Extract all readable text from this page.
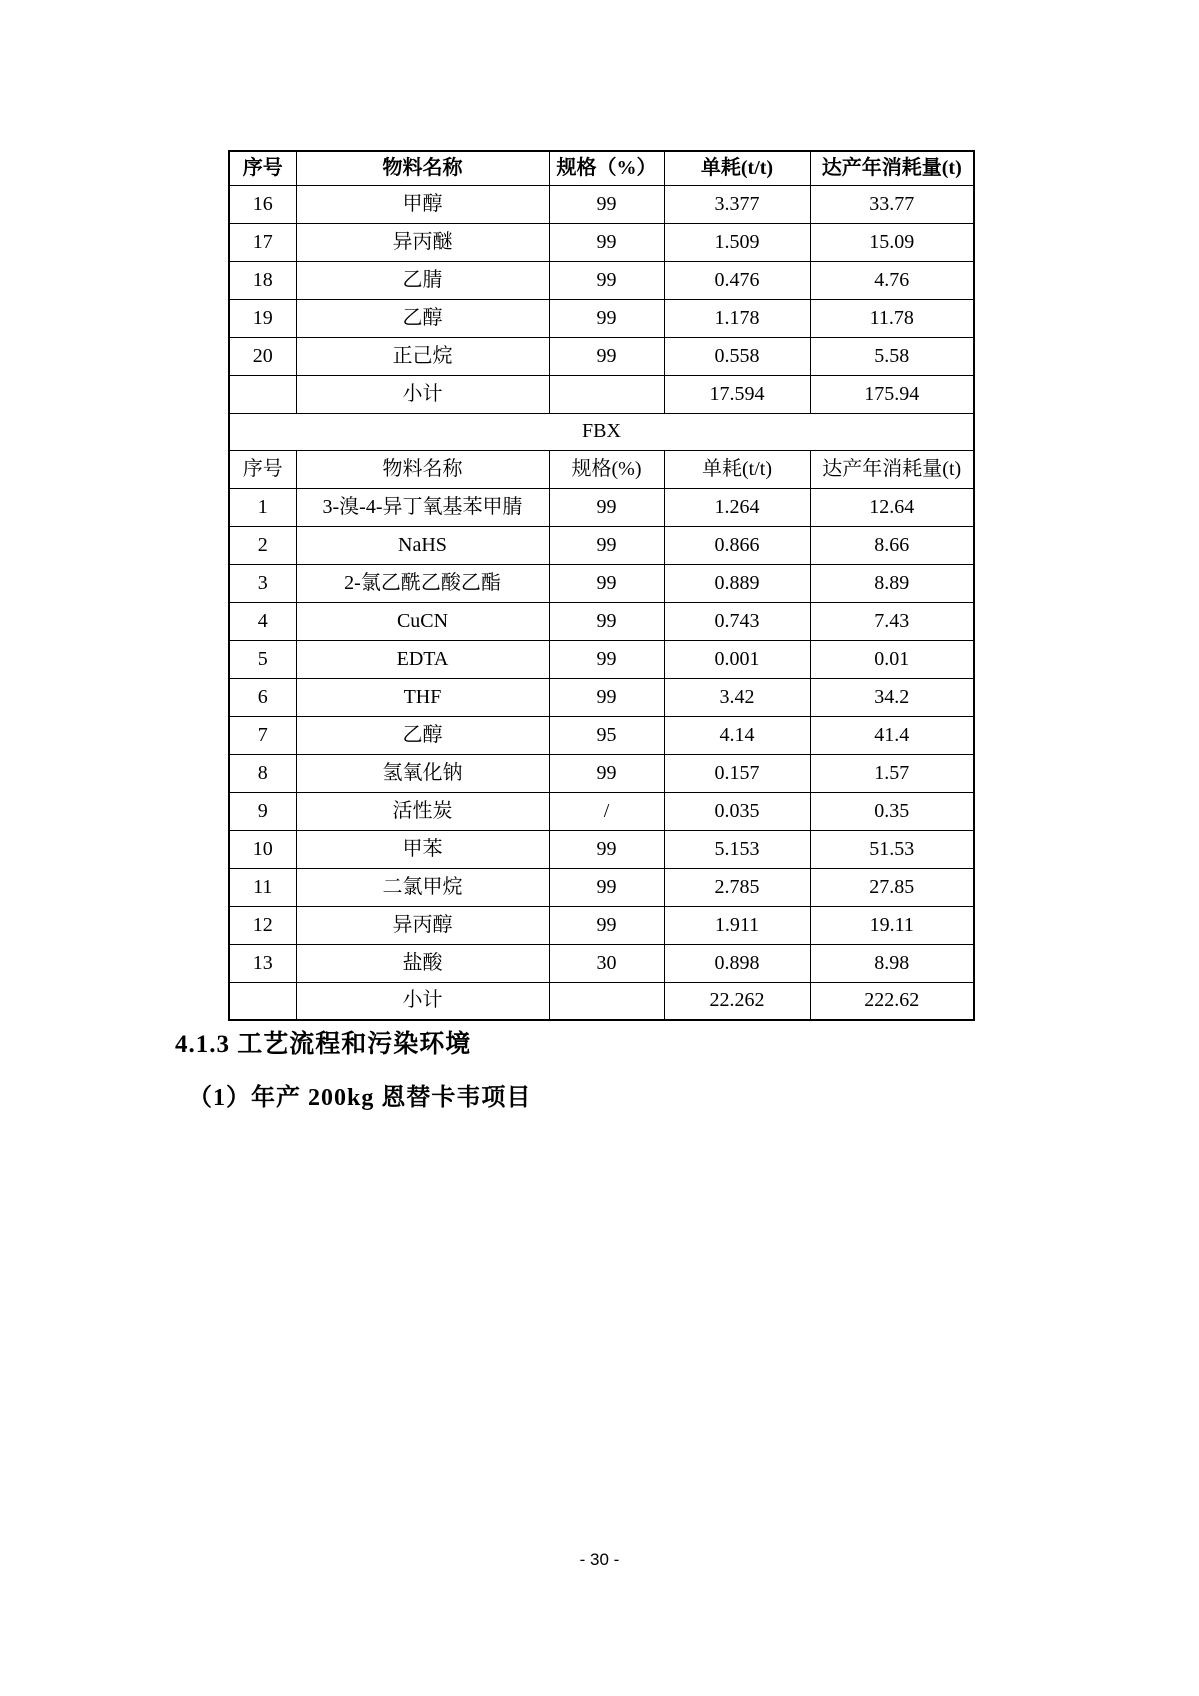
序号	物料名称	规格（%）	单耗(t/t)	达产年消耗量(t)
16	甲醇	99	3.377	33.77
17	异丙醚	99	1.509	15.09
18	乙腈	99	0.476	4.76
19	乙醇	99	1.178	11.78
20	正己烷	99	0.558	5.58
	小计		17.594	175.94
FBX				
序号	物料名称	规格(%)	单耗(t/t)	达产年消耗量(t)
1	3-溴-4-异丁氧基苯甲腈	99	1.264	12.64
2	NaHS	99	0.866	8.66
3	2-氯乙酰乙酸乙酯	99	0.889	8.89
4	CuCN	99	0.743	7.43
5	EDTA	99	0.001	0.01
6	THF	99	3.42	34.2
7	乙醇	95	4.14	41.4
8	氢氧化钠	99	0.157	1.57
9	活性炭	/	0.035	0.35
10	甲苯	99	5.153	51.53
11	二氯甲烷	99	2.785	27.85
12	异丙醇	99	1.911	19.11
13	盐酸	30	0.898	8.98
	小计		22.262	222.62
4.1.3 工艺流程和污染环境
（1）年产 200kg 恩替卡韦项目
- 30 -
